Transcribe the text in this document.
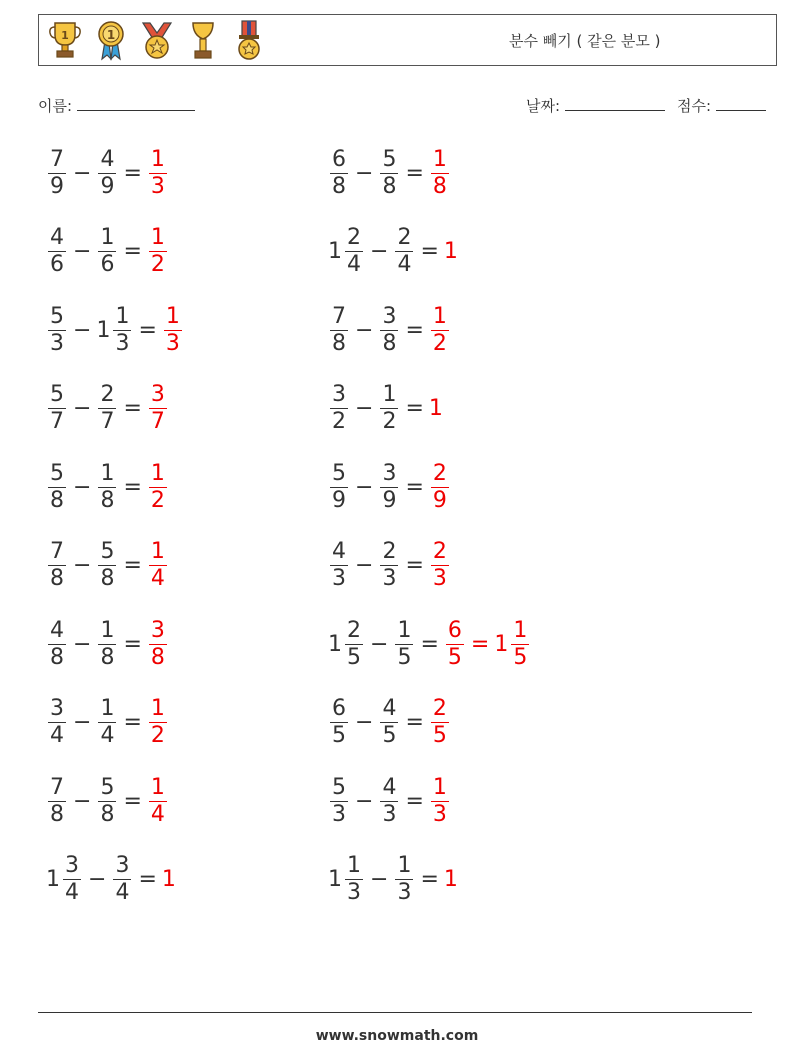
1	1	분수 빼기 ( 같은 분모 )
이름:	날짜:	점수:
$\frac{7}{9} - \frac{4}{9} = \frac{1}{3}$	$\frac{6}{8} - \frac{5}{8} = \frac{1}{8}$
$\frac{4}{6} - \frac{1}{6} = \frac{1}{2}$	$1 \frac{2}{4} - \frac{2}{4} = 1$
$\frac{5}{3} - 1 \frac{1}{3} = \frac{1}{3}$	$\frac{7}{8} - \frac{3}{8} = \frac{1}{2}$
$\frac{5}{7} - \frac{2}{7} = \frac{3}{7}$	$\frac{3}{2} - \frac{1}{2} = 1$
$\frac{5}{8} - \frac{1}{8} = \frac{1}{2}$	$\frac{5}{9} - \frac{3}{9} = \frac{2}{9}$
$\frac{7}{8} - \frac{5}{8} = \frac{1}{4}$	$\frac{4}{3} - \frac{2}{3} = \frac{2}{3}$
$\frac{4}{8} - \frac{1}{8} = \frac{3}{8}$	$1 \frac{2}{5} - \frac{1}{5} = \frac{6}{5} = 1 \frac{1}{5}$
$\frac{3}{4} - \frac{1}{4} = \frac{1}{2}$	$\frac{6}{5} - \frac{4}{5} = \frac{2}{5}$
$\frac{7}{8} - \frac{5}{8} = \frac{1}{4}$	$\frac{5}{3} - \frac{4}{3} = \frac{1}{3}$
$1 \frac{3}{4} - \frac{3}{4} = 1$	$1 \frac{1}{3} - \frac{1}{3} = 1$
www.snowmath.com
